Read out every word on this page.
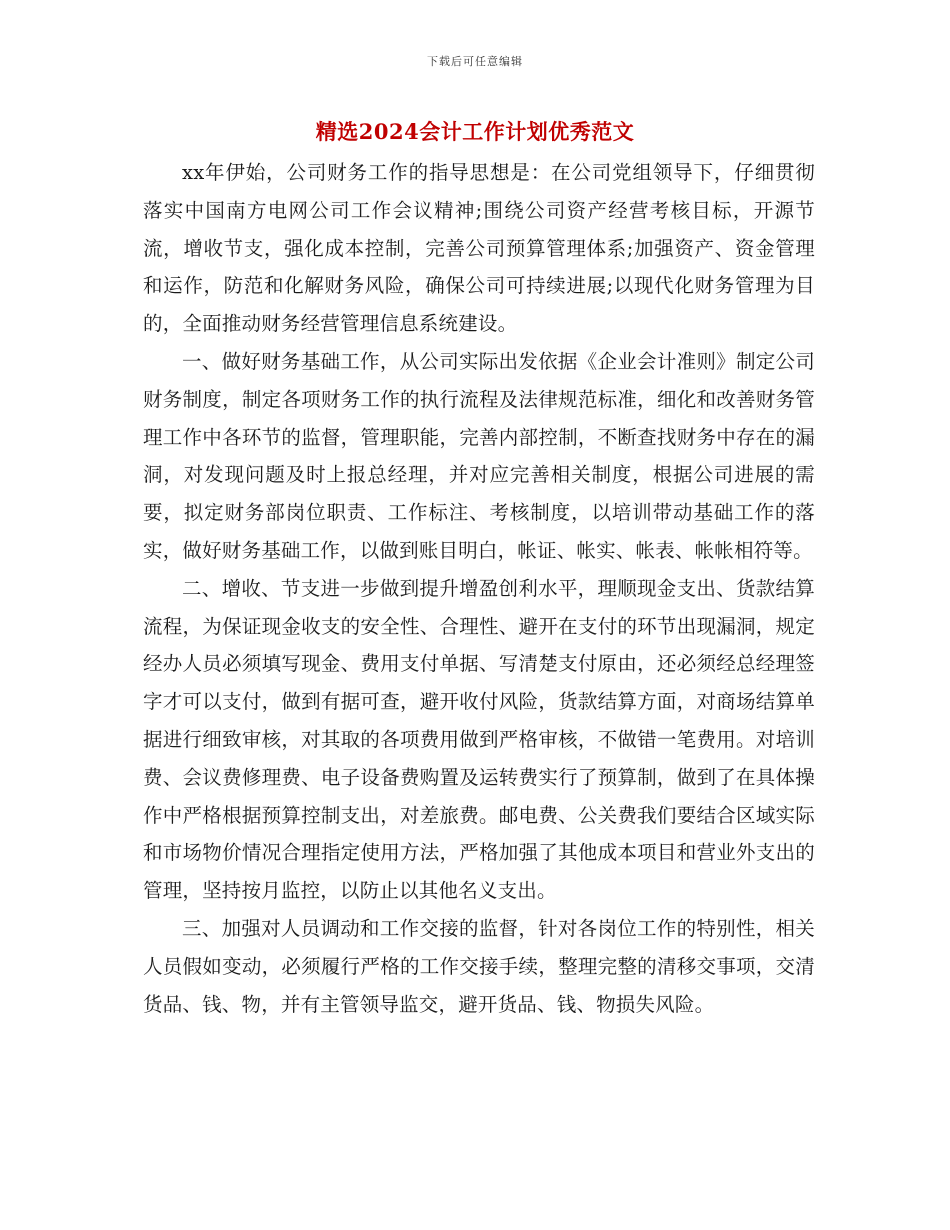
下载后可任意编辑
精选2024会计工作计划优秀范文

xx年伊始，公司财务工作的指导思想是：在公司党组领导下，仔细贯彻落实中国南方电网公司工作会议精神;围绕公司资产经营考核目标，开源节流，增收节支，强化成本控制，完善公司预算管理体系;加强资产、资金管理和运作，防范和化解财务风险，确保公司可持续进展;以现代化财务管理为目的，全面推动财务经营管理信息系统建设。

一、做好财务基础工作，从公司实际出发依据《企业会计准则》制定公司财务制度，制定各项财务工作的执行流程及法律规范标准，细化和改善财务管理工作中各环节的监督，管理职能，完善内部控制，不断查找财务中存在的漏洞，对发现问题及时上报总经理，并对应完善相关制度，根据公司进展的需要，拟定财务部岗位职责、工作标注、考核制度，以培训带动基础工作的落实，做好财务基础工作，以做到账目明白，帐证、帐实、帐表、帐帐相符等。

二、增收、节支进一步做到提升增盈创利水平，理顺现金支出、货款结算流程，为保证现金收支的安全性、合理性、避开在支付的环节出现漏洞，规定经办人员必须填写现金、费用支付单据、写清楚支付原由，还必须经总经理签字才可以支付，做到有据可查，避开收付风险，货款结算方面，对商场结算单据进行细致审核，对其取的各项费用做到严格审核，不做错一笔费用。对培训费、会议费修理费、电子设备费购置及运转费实行了预算制，做到了在具体操作中严格根据预算控制支出，对差旅费。邮电费、公关费我们要结合区域实际和市场物价情况合理指定使用方法，严格加强了其他成本项目和营业外支出的管理，坚持按月监控，以防止以其他名义支出。

三、加强对人员调动和工作交接的监督，针对各岗位工作的特别性，相关人员假如变动，必须履行严格的工作交接手续，整理完整的清移交事项，交清货品、钱、物，并有主管领导监交，避开货品、钱、物损失风险。
